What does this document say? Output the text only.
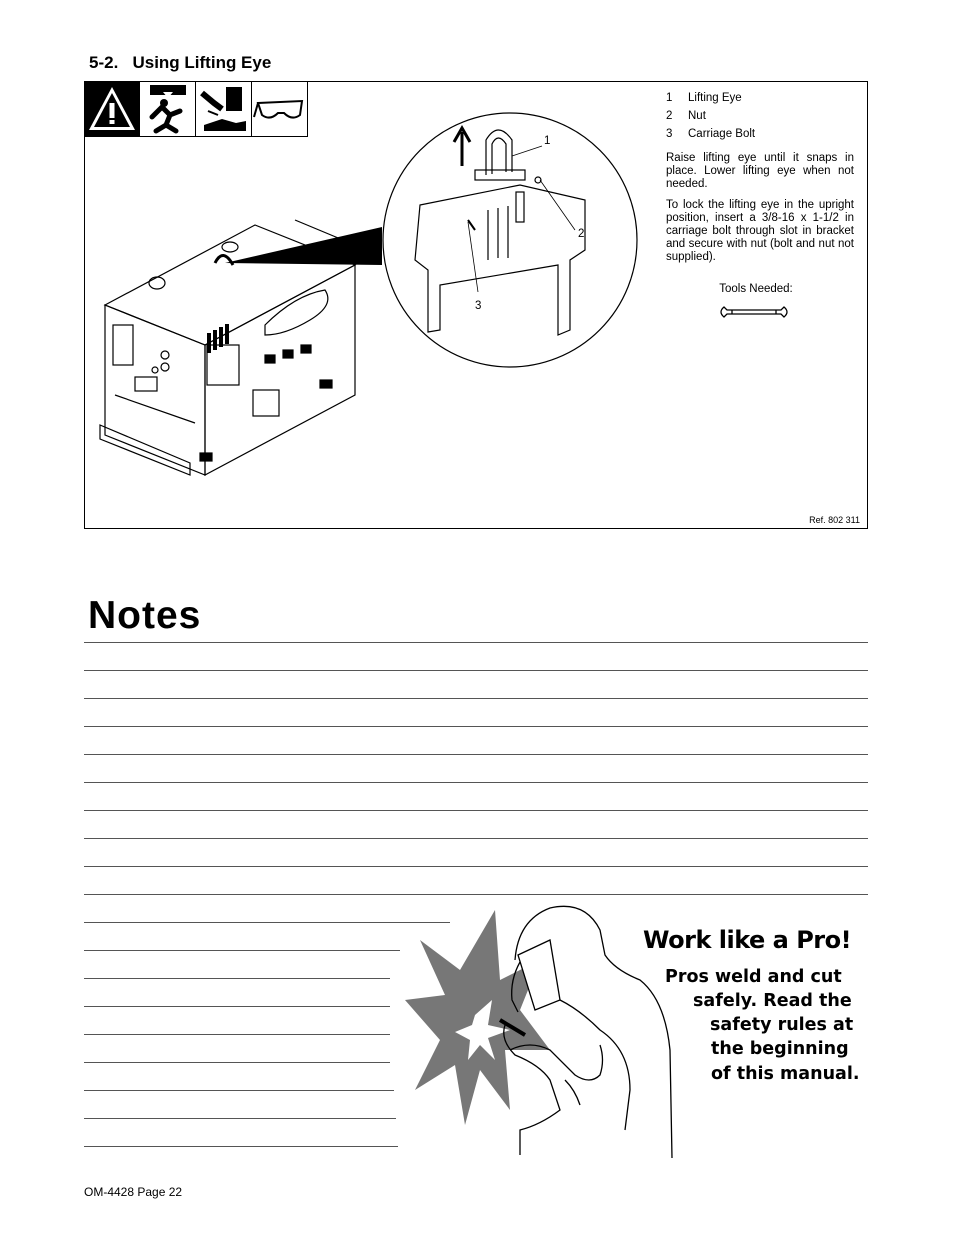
5-2. Using Lifting Eye
1
2
3
1	Lifting Eye
2	Nut
3	Carriage Bolt
Raise lifting eye until it snaps in place. Lower lifting eye when not needed.
To lock the lifting eye in the upright position, insert a 3/8-16 x 1-1/2 in carriage bolt through slot in bracket and secure with nut (bolt and nut not supplied).
Tools Needed:
Ref. 802 311
Notes
Work like a Pro!
Pros weld and cut
safely. Read the
safety rules at
the beginning
of this manual.
OM-4428 Page 22
